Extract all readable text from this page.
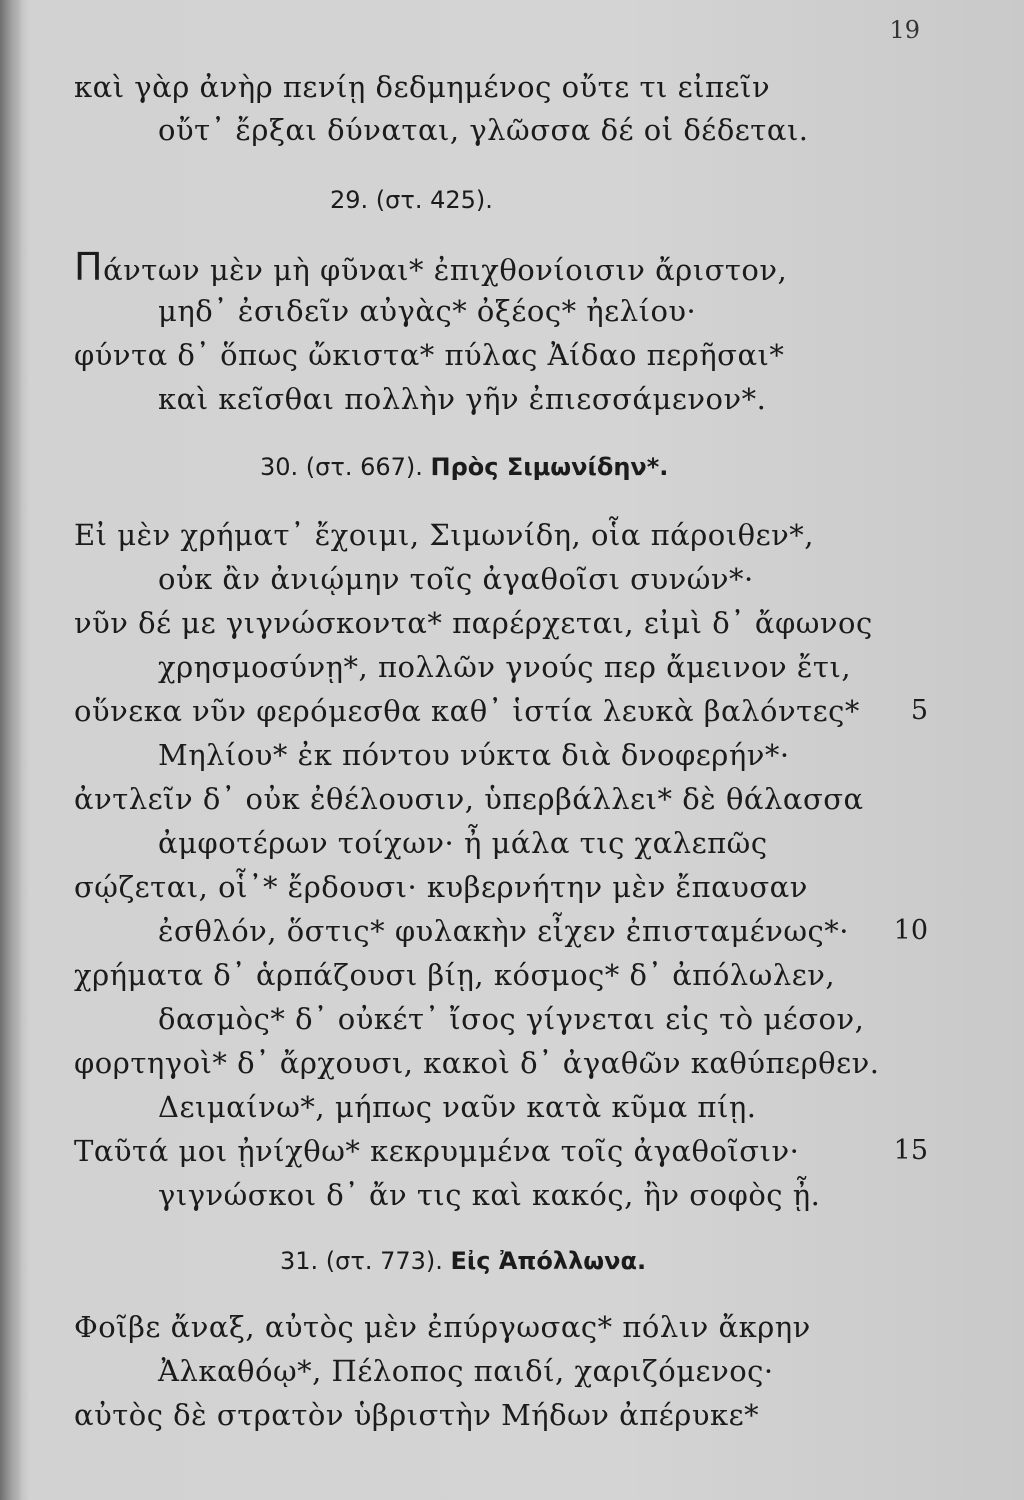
19
καὶ γὰρ ἀνὴρ πενίῃ δεδμημένος οὔτε τι εἰπεῖν
οὔτ᾽ ἔρξαι δύναται, γλῶσσα δέ οἱ δέδεται.
29. (στ. 425).
Πάντων μὲν μὴ φῦναι* ἐπιχθονίοισιν ἄριστον,
μηδ᾽ ἐσιδεῖν αὐγὰς* ὀξέος* ἠελίου·
φύντα δ᾽ ὅπως ὤκιστα* πύλας Ἀίδαο περῆσαι*
καὶ κεῖσθαι πολλὴν γῆν ἐπιεσσάμενον*.
30. (στ. 667). Πρὸς Σιμωνίδην*.
Εἰ μὲν χρήματ᾽ ἔχοιμι, Σιμωνίδη, οἷα πάροιθεν*,
οὐκ ἂν ἀνιῴμην τοῖς ἀγαθοῖσι συνών*·
νῦν δέ με γιγνώσκοντα* παρέρχεται, εἰμὶ δ᾽ ἄφωνος
χρησμοσύνῃ*, πολλῶν γνούς περ ἄμεινον ἔτι,
οὕνεκα νῦν φερόμεσθα καθ᾽ ἱστία λευκὰ βαλόντες* 5
Μηλίου* ἐκ πόντου νύκτα διὰ δνοφερήν*·
ἀντλεῖν δ᾽ οὐκ ἐθέλουσιν, ὑπερβάλλει* δὲ θάλασσα
ἀμφοτέρων τοίχων· ἦ μάλα τις χαλεπῶς
σῴζεται, οἷ᾽* ἔρδουσι· κυβερνήτην μὲν ἔπαυσαν
ἐσθλόν, ὅστις* φυλακὴν εἶχεν ἐπισταμένως*· 10
χρήματα δ᾽ ἁρπάζουσι βίῃ, κόσμος* δ᾽ ἀπόλωλεν,
δασμὸς* δ᾽ οὐκέτ᾽ ἴσος γίγνεται εἰς τὸ μέσον,
φορτηγοὶ* δ᾽ ἄρχουσι, κακοὶ δ᾽ ἀγαθῶν καθύπερθεν.
Δειμαίνω*, μήπως ναῦν κατὰ κῦμα πίῃ.
Ταῦτά μοι ᾐνίχθω* κεκρυμμένα τοῖς ἀγαθοῖσιν·	15
γιγνώσκοι δ᾽ ἄν τις καὶ κακός, ἢν σοφὸς ᾖ.
31. (στ. 773). Εἰς Ἀπόλλωνα.
Φοῖβε ἄναξ, αὐτὸς μὲν ἐπύργωσας* πόλιν ἄκρην
Ἀλκαθόῳ*, Πέλοπος παιδί, χαριζόμενος·
αὐτὸς δὲ στρατὸν ὑβριστὴν Μήδων ἀπέρυκε*
